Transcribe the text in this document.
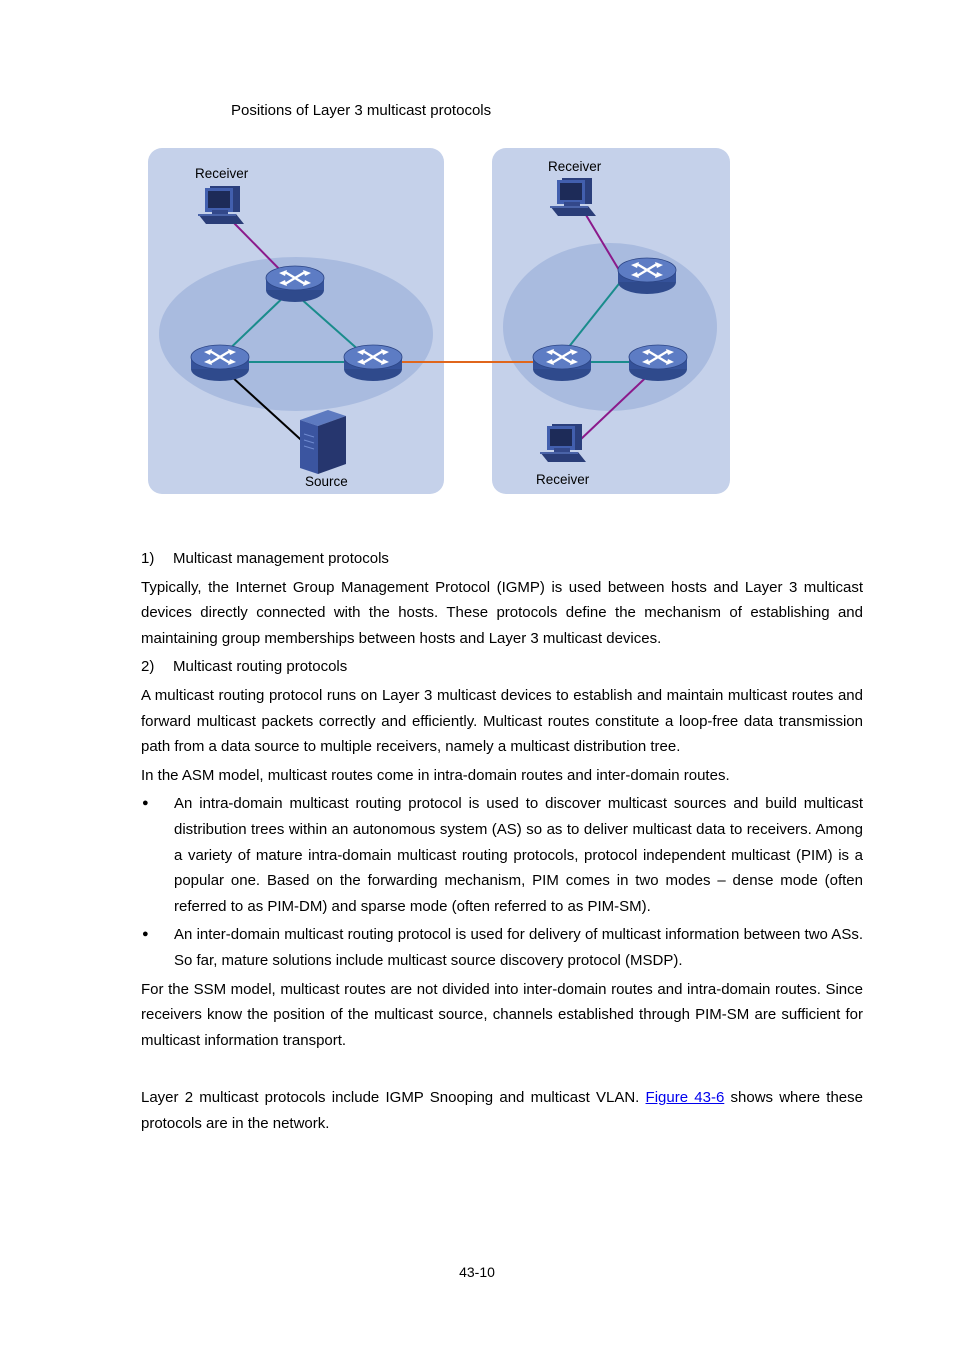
Positions of Layer 3 multicast protocols
Receiver
Source
Receiver
Receiver
1)	Multicast management protocols

Typically, the Internet Group Management Protocol (IGMP) is used between hosts and Layer 3 multicast devices directly connected with the hosts. These protocols define the mechanism of establishing and maintaining group memberships between hosts and Layer 3 multicast devices.

2)	Multicast routing protocols

A multicast routing protocol runs on Layer 3 multicast devices to establish and maintain multicast routes and forward multicast packets correctly and efficiently. Multicast routes constitute a loop-free data transmission path from a data source to multiple receivers, namely a multicast distribution tree.

In the ASM model, multicast routes come in intra-domain routes and inter-domain routes.

●	An intra-domain multicast routing protocol is used to discover multicast sources and build multicast distribution trees within an autonomous system (AS) so as to deliver multicast data to receivers. Among a variety of mature intra-domain multicast routing protocols, protocol independent multicast (PIM) is a popular one. Based on the forwarding mechanism, PIM comes in two modes – dense mode (often referred to as PIM-DM) and sparse mode (often referred to as PIM-SM).
●	An inter-domain multicast routing protocol is used for delivery of multicast information between two ASs. So far, mature solutions include multicast source discovery protocol (MSDP).

For the SSM model, multicast routes are not divided into inter-domain routes and intra-domain routes. Since receivers know the position of the multicast source, channels established through PIM-SM are sufficient for multicast information transport.

Layer 2 multicast protocols include IGMP Snooping and multicast VLAN. Figure 43-6 shows where these protocols are in the network.

43-10
